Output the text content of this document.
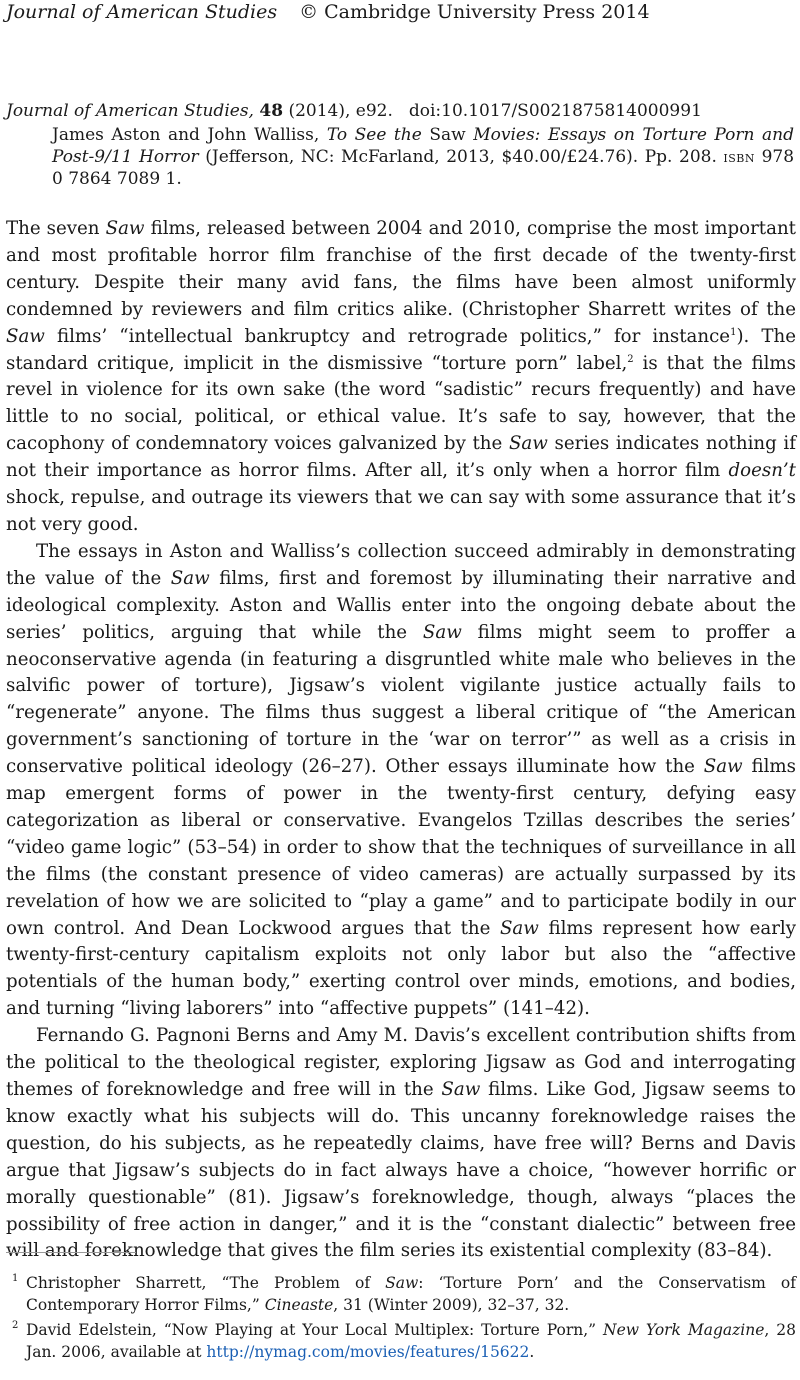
Journal of American Studies © Cambridge University Press 2014
Journal of American Studies, 48 (2014), e92. doi:10.1017/S0021875814000991
James Aston and John Walliss, To See the Saw Movies: Essays on Torture Porn and Post-9/11 Horror (Jefferson, NC: McFarland, 2013, $40.00/£24.76). Pp. 208. isbn 978 0 7864 7089 1.

The seven Saw films, released between 2004 and 2010, comprise the most important and most profitable horror film franchise of the first decade of the twenty-first century. Despite their many avid fans, the films have been almost uniformly condemned by reviewers and film critics alike. (Christopher Sharrett writes of the Saw films’ “intellectual bankruptcy and retrograde politics,” for instance$^1$). The standard critique, implicit in the dismissive “torture porn” label,$^2$ is that the films revel in violence for its own sake (the word “sadistic” recurs frequently) and have little to no social, political, or ethical value. It’s safe to say, however, that the cacophony of condemnatory voices galvanized by the Saw series indicates nothing if not their importance as horror films. After all, it’s only when a horror film doesn’t shock, repulse, and outrage its viewers that we can say with some assurance that it’s not very good.

The essays in Aston and Walliss’s collection succeed admirably in demonstrating the value of the Saw films, first and foremost by illuminating their narrative and ideological complexity. Aston and Wallis enter into the ongoing debate about the series’ politics, arguing that while the Saw films might seem to proffer a neoconservative agenda (in featuring a disgruntled white male who believes in the salvific power of torture), Jigsaw’s violent vigilante justice actually fails to “regenerate” anyone. The films thus suggest a liberal critique of “the American government’s sanctioning of torture in the ‘war on terror’” as well as a crisis in conservative political ideology (26–27). Other essays illuminate how the Saw films map emergent forms of power in the twenty-first century, defying easy categorization as liberal or conservative. Evangelos Tzillas describes the series’ “video game logic” (53–54) in order to show that the techniques of surveillance in all the films (the constant presence of video cameras) are actually surpassed by its revelation of how we are solicited to “play a game” and to participate bodily in our own control. And Dean Lockwood argues that the Saw films represent how early twenty-first-century capitalism exploits not only labor but also the “affective potentials of the human body,” exerting control over minds, emotions, and bodies, and turning “living laborers” into “affective puppets” (141–42).

Fernando G. Pagnoni Berns and Amy M. Davis’s excellent contribution shifts from the political to the theological register, exploring Jigsaw as God and interrogating themes of foreknowledge and free will in the Saw films. Like God, Jigsaw seems to know exactly what his subjects will do. This uncanny foreknowledge raises the question, do his subjects, as he repeatedly claims, have free will? Berns and Davis argue that Jigsaw’s subjects do in fact always have a choice, “however horrific or morally questionable” (81). Jigsaw’s foreknowledge, though, always “places the possibility of free action in danger,” and it is the “constant dialectic” between free will and foreknowledge that gives the film series its existential complexity (83–84).

1 Christopher Sharrett, “The Problem of Saw: ‘Torture Porn’ and the Conservatism of Contemporary Horror Films,” Cineaste, 31 (Winter 2009), 32–37, 32.
2 David Edelstein, “Now Playing at Your Local Multiplex: Torture Porn,” New York Magazine, 28 Jan. 2006, available at http://nymag.com/movies/features/15622.
